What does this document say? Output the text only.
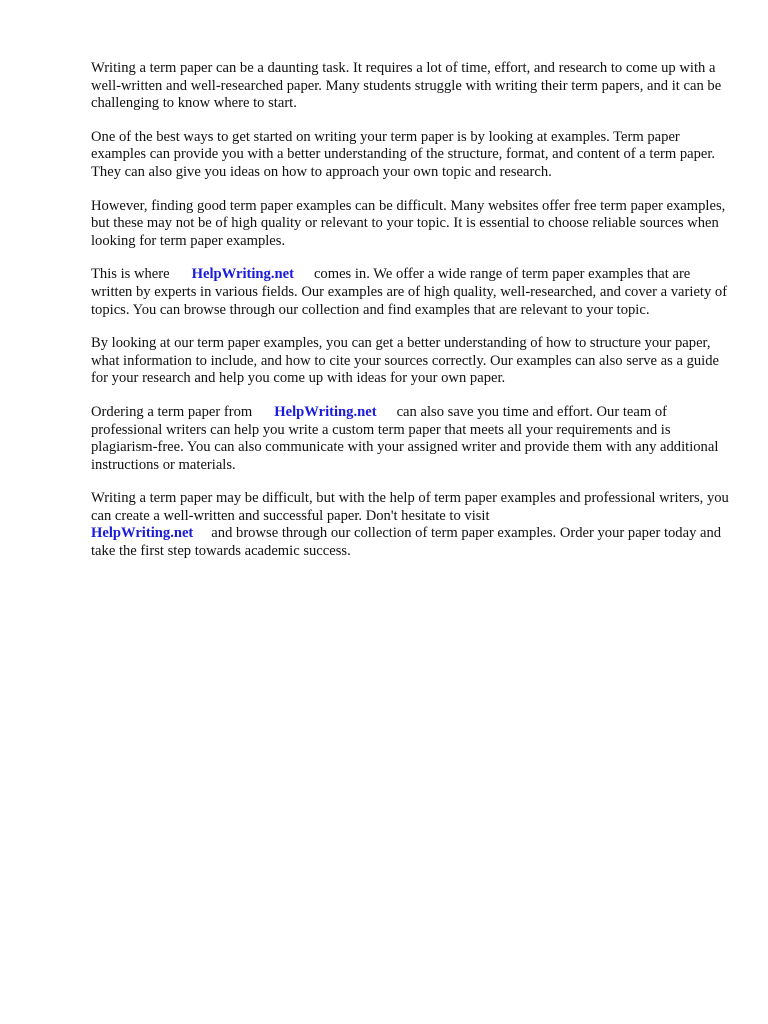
Writing a term paper can be a daunting task. It requires a lot of time, effort, and research to come up with a well-written and well-researched paper. Many students struggle with writing their term papers, and it can be challenging to know where to start.

One of the best ways to get started on writing your term paper is by looking at examples. Term paper examples can provide you with a better understanding of the structure, format, and content of a term paper. They can also give you ideas on how to approach your own topic and research.

However, finding good term paper examples can be difficult. Many websites offer free term paper examples, but these may not be of high quality or relevant to your topic. It is essential to choose reliable sources when looking for term paper examples.

This is where HelpWriting.net comes in. We offer a wide range of term paper examples that are written by experts in various fields. Our examples are of high quality, well-researched, and cover a variety of topics. You can browse through our collection and find examples that are relevant to your topic.

By looking at our term paper examples, you can get a better understanding of how to structure your paper, what information to include, and how to cite your sources correctly. Our examples can also serve as a guide for your research and help you come up with ideas for your own paper.

Ordering a term paper from HelpWriting.net can also save you time and effort. Our team of professional writers can help you write a custom term paper that meets all your requirements and is plagiarism-free. You can also communicate with your assigned writer and provide them with any additional instructions or materials.

Writing a term paper may be difficult, but with the help of term paper examples and professional writers, you can create a well-written and successful paper. Don't hesitate to visit
HelpWriting.net and browse through our collection of term paper examples. Order your paper today and take the first step towards academic success.
